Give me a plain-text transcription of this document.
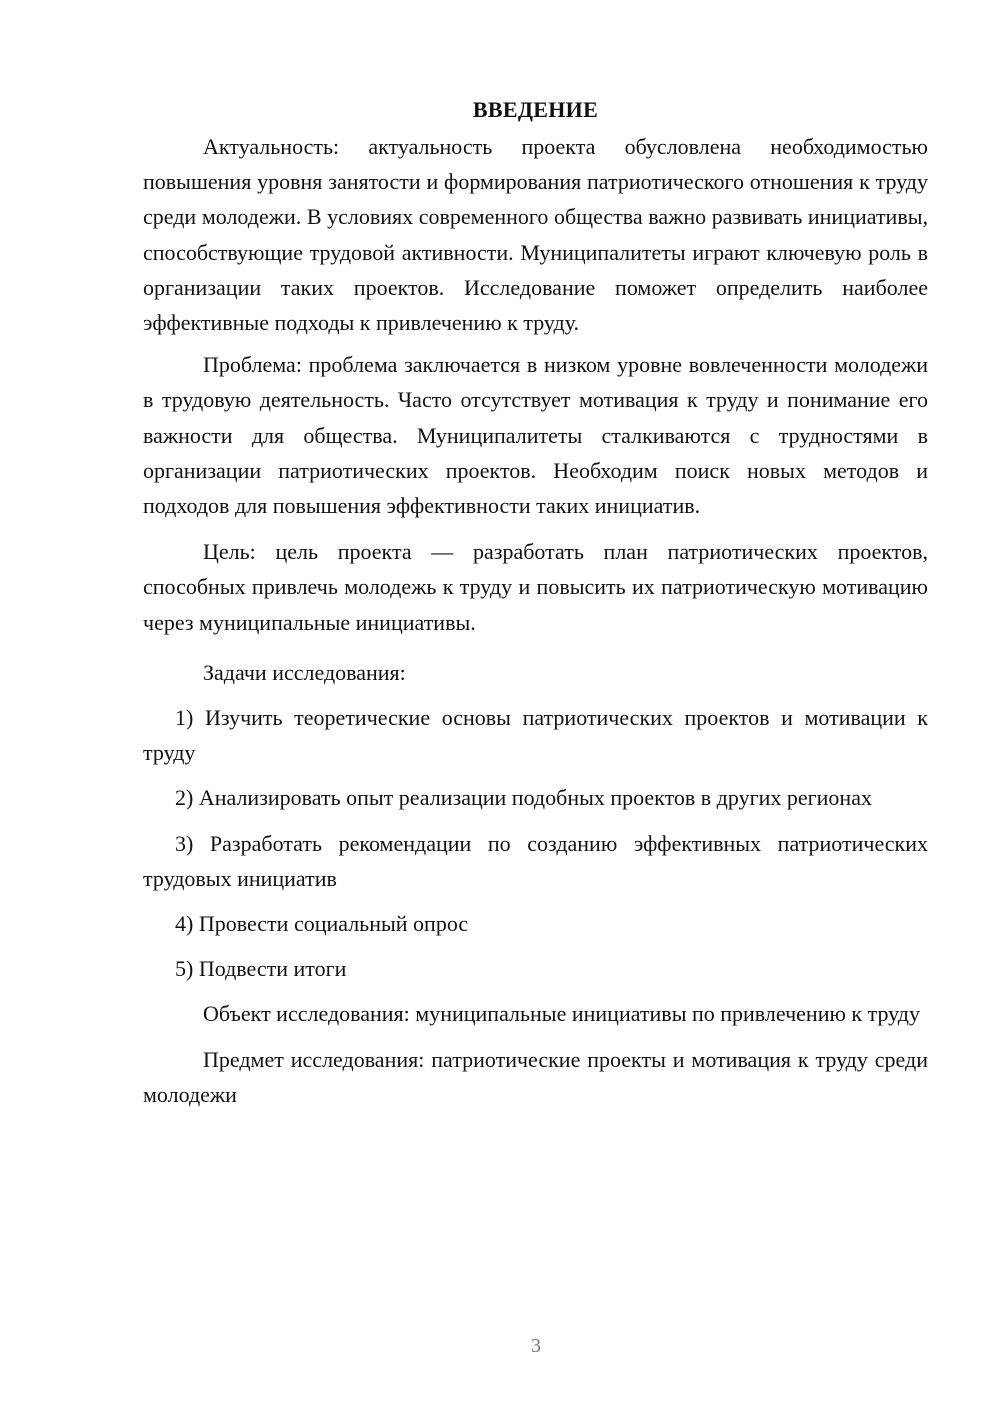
ВВЕДЕНИЕ

Актуальность: актуальность проекта обусловлена необходимостью повышения уровня занятости и формирования патриотического отношения к труду среди молодежи. В условиях современного общества важно развивать инициативы, способствующие трудовой активности. Муниципалитеты играют ключевую роль в организации таких проектов. Исследование поможет определить наиболее эффективные подходы к привлечению к труду.

Проблема: проблема заключается в низком уровне вовлеченности молодежи в трудовую деятельность. Часто отсутствует мотивация к труду и понимание его важности для общества. Муниципалитеты сталкиваются с трудностями в организации патриотических проектов. Необходим поиск новых методов и подходов для повышения эффективности таких инициатив.

Цель: цель проекта — разработать план патриотических проектов, способных привлечь молодежь к труду и повысить их патриотическую мотивацию через муниципальные инициативы.

Задачи исследования:

1) Изучить теоретические основы патриотических проектов и мотивации к труду

2) Анализировать опыт реализации подобных проектов в других регионах

3) Разработать рекомендации по созданию эффективных патриотических трудовых инициатив

4) Провести социальный опрос

5) Подвести итоги

Объект исследования: муниципальные инициативы по привлечению к труду

Предмет исследования: патриотические проекты и мотивация к труду среди молодежи

3
